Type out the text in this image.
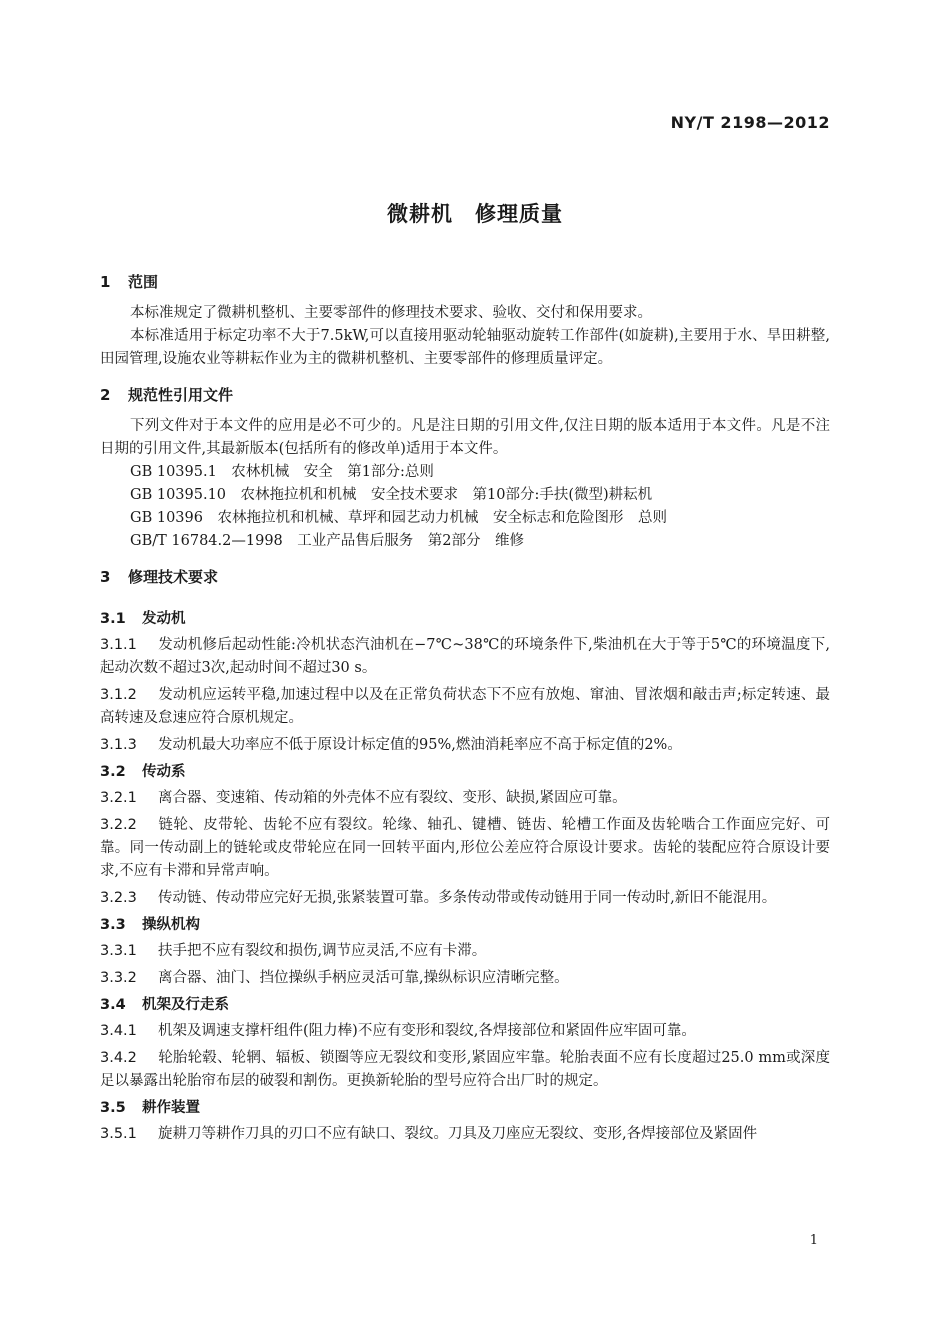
NY/T 2198—2012
微耕机　修理质量
1 范围

本标准规定了微耕机整机、主要零部件的修理技术要求、验收、交付和保用要求。

本标准适用于标定功率不大于7.5kW,可以直接用驱动轮轴驱动旋转工作部件(如旋耕),主要用于水、旱田耕整,田园管理,设施农业等耕耘作业为主的微耕机整机、主要零部件的修理质量评定。

2 规范性引用文件

下列文件对于本文件的应用是必不可少的。凡是注日期的引用文件,仅注日期的版本适用于本文件。凡是不注日期的引用文件,其最新版本(包括所有的修改单)适用于本文件。

GB 10395.1　农林机械　安全　第1部分:总则
GB 10395.10　农林拖拉机和机械　安全技术要求　第10部分:手扶(微型)耕耘机
GB 10396　农林拖拉机和机械、草坪和园艺动力机械　安全标志和危险图形　总则
GB/T 16784.2—1998　工业产品售后服务　第2部分　维修
3 修理技术要求
3.1 发动机

3.1.1 发动机修后起动性能:冷机状态汽油机在−7℃~38℃的环境条件下,柴油机在大于等于5℃的环境温度下,起动次数不超过3次,起动时间不超过30 s。

3.1.2 发动机应运转平稳,加速过程中以及在正常负荷状态下不应有放炮、窜油、冒浓烟和敲击声;标定转速、最高转速及怠速应符合原机规定。

3.1.3 发动机最大功率应不低于原设计标定值的95%,燃油消耗率应不高于标定值的2%。

3.2 传动系

3.2.1 离合器、变速箱、传动箱的外壳体不应有裂纹、变形、缺损,紧固应可靠。

3.2.2 链轮、皮带轮、齿轮不应有裂纹。轮缘、轴孔、键槽、链齿、轮槽工作面及齿轮啮合工作面应完好、可靠。同一传动副上的链轮或皮带轮应在同一回转平面内,形位公差应符合原设计要求。齿轮的装配应符合原设计要求,不应有卡滞和异常声响。

3.2.3 传动链、传动带应完好无损,张紧装置可靠。多条传动带或传动链用于同一传动时,新旧不能混用。

3.3 操纵机构

3.3.1 扶手把不应有裂纹和损伤,调节应灵活,不应有卡滞。

3.3.2 离合器、油门、挡位操纵手柄应灵活可靠,操纵标识应清晰完整。

3.4 机架及行走系

3.4.1 机架及调速支撑杆组件(阻力棒)不应有变形和裂纹,各焊接部位和紧固件应牢固可靠。

3.4.2 轮胎轮毂、轮辋、辐板、锁圈等应无裂纹和变形,紧固应牢靠。轮胎表面不应有长度超过25.0 mm或深度足以暴露出轮胎帘布层的破裂和割伤。更换新轮胎的型号应符合出厂时的规定。

3.5 耕作装置

3.5.1 旋耕刀等耕作刀具的刃口不应有缺口、裂纹。刀具及刀座应无裂纹、变形,各焊接部位及紧固件

1
